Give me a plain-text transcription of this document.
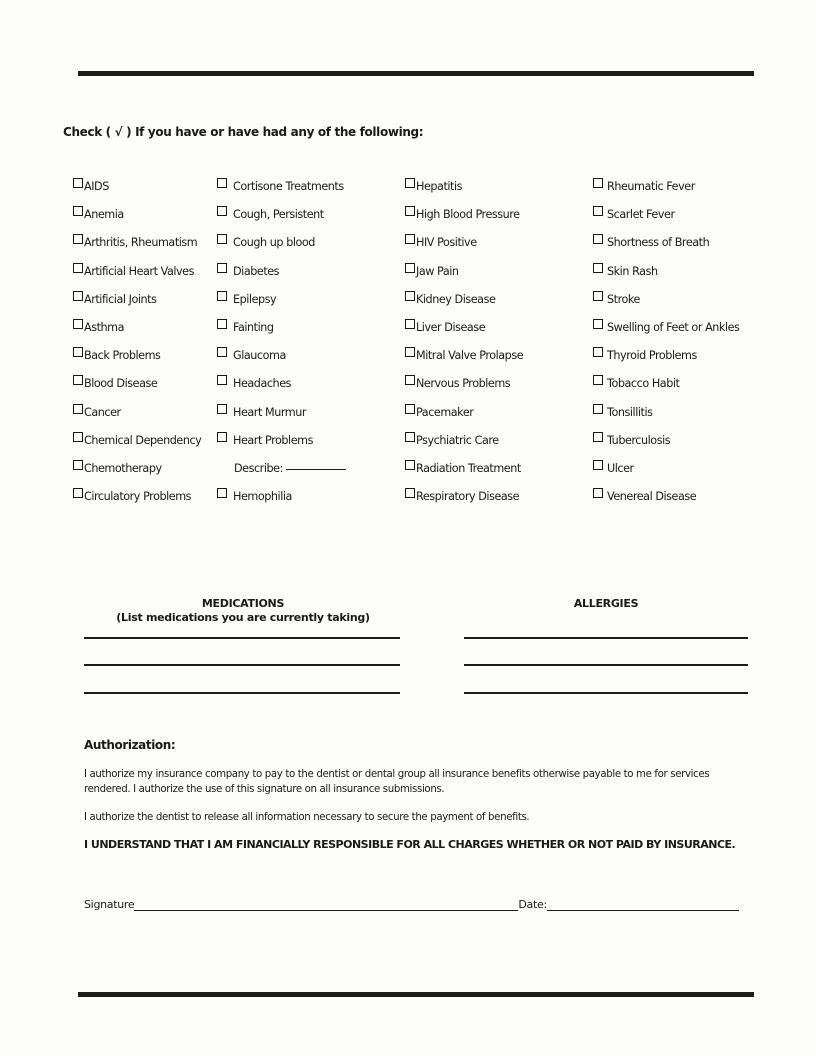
Check ( √ ) If you have or have had any of the following:
AIDS
Anemia
Arthritis, Rheumatism
Artificial Heart Valves
Artificial Joints
Asthma
Back Problems
Blood Disease
Cancer
Chemical Dependency
Chemotherapy
Circulatory Problems
Cortisone Treatments
Cough, Persistent
Cough up blood
Diabetes
Epilepsy
Fainting
Glaucoma
Headaches
Heart Murmur
Heart Problems
Describe:
Hemophilia
Hepatitis
High Blood Pressure
HIV Positive
Jaw Pain
Kidney Disease
Liver Disease
Mitral Valve Prolapse
Nervous Problems
Pacemaker
Psychiatric Care
Radiation Treatment
Respiratory Disease
Rheumatic Fever
Scarlet Fever
Shortness of Breath
Skin Rash
Stroke
Swelling of Feet or Ankles
Thyroid Problems
Tobacco Habit
Tonsillitis
Tuberculosis
Ulcer
Venereal Disease
MEDICATIONS
(List medications you are currently taking)
ALLERGIES
Authorization:
I authorize my insurance company to pay to the dentist or dental group all insurance benefits otherwise payable to me for services rendered. I authorize the use of this signature on all insurance submissions.
I authorize the dentist to release all information necessary to secure the payment of benefits.
I UNDERSTAND THAT I AM FINANCIALLY RESPONSIBLE FOR ALL CHARGES WHETHER OR NOT PAID BY INSURANCE.
Signature	Date:
